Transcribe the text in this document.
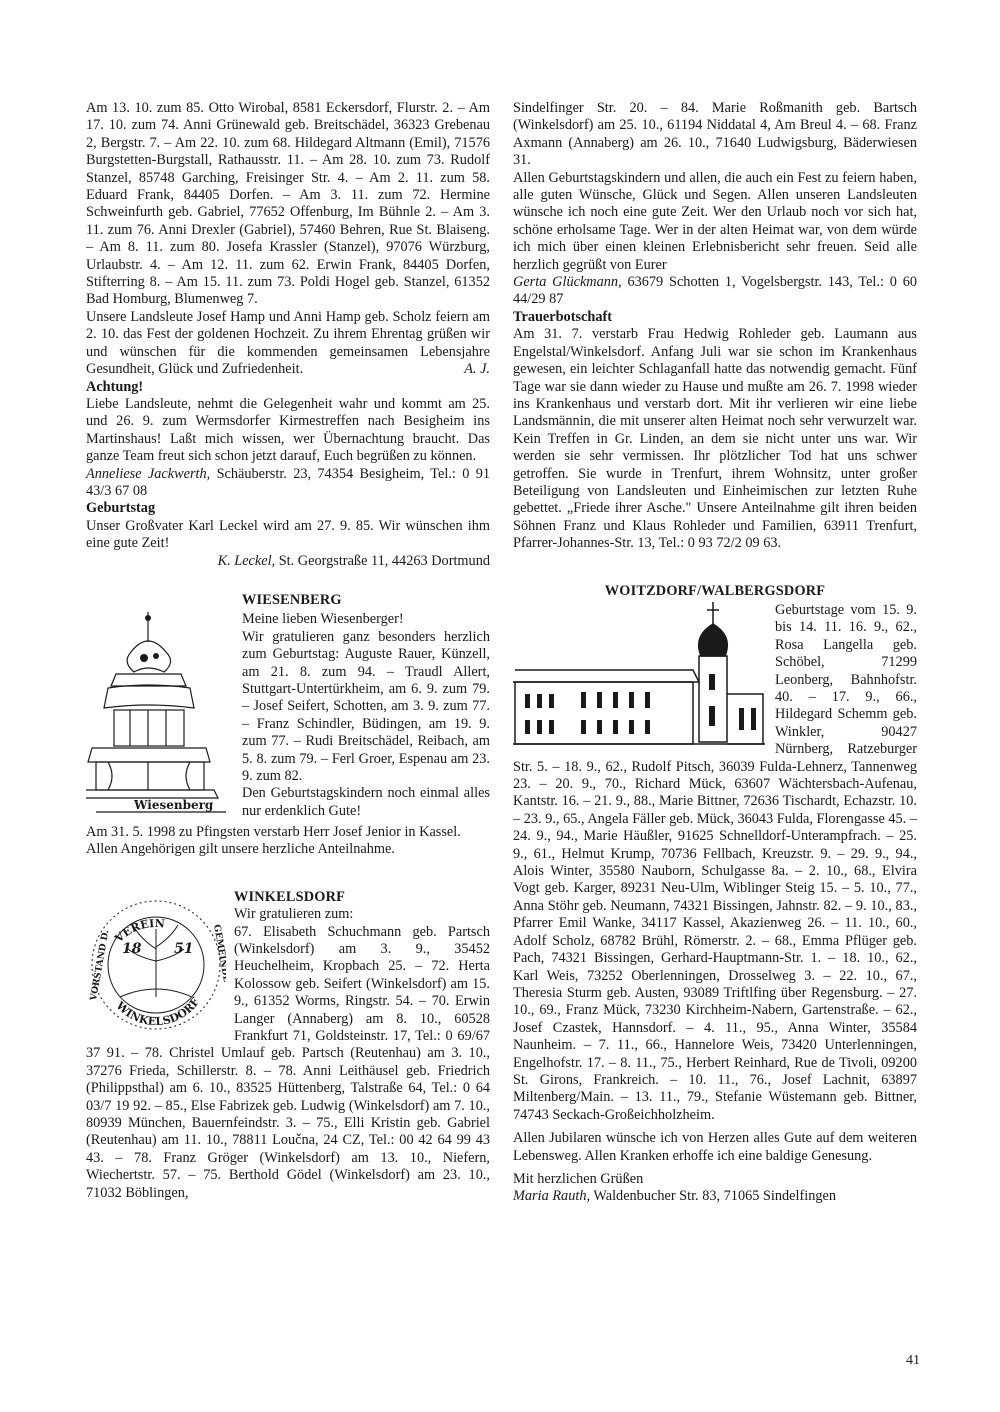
Am 13. 10. zum 85. Otto Wirobal, 8581 Eckersdorf, Flurstr. 2. – Am 17. 10. zum 74. Anni Grünewald geb. Breitschädel, 36323 Grebenau 2, Bergstr. 7. – Am 22. 10. zum 68. Hildegard Altmann (Emil), 71576 Burgstetten-Burgstall, Rathausstr. 11. – Am 28. 10. zum 73. Rudolf Stanzel, 85748 Garching, Freisinger Str. 4. – Am 2. 11. zum 58. Eduard Frank, 84405 Dorfen. – Am 3. 11. zum 72. Hermine Schweinfurth geb. Gabriel, 77652 Offenburg, Im Bühnle 2. – Am 3. 11. zum 76. Anni Drexler (Gabriel), 57460 Behren, Rue St. Blaiseng. – Am 8. 11. zum 80. Josefa Krassler (Stanzel), 97076 Würzburg, Urlaubstr. 4. – Am 12. 11. zum 62. Erwin Frank, 84405 Dorfen, Stifterring 8. – Am 15. 11. zum 73. Poldi Hogel geb. Stanzel, 61352 Bad Homburg, Blumenweg 7.

Unsere Landsleute Josef Hamp und Anni Hamp geb. Scholz feiern am 2. 10. das Fest der goldenen Hochzeit. Zu ihrem Ehrentag grüßen wir und wünschen für die kommenden gemeinsamen Lebensjahre Gesundheit, Glück und Zufriedenheit.	A. J.

Achtung!

Liebe Landsleute, nehmt die Gelegenheit wahr und kommt am 25. und 26. 9. zum Wermsdorfer Kirmestreffen nach Besigheim ins Martinshaus! Laßt mich wissen, wer Übernachtung braucht. Das ganze Team freut sich schon jetzt darauf, Euch begrüßen zu können.

Anneliese Jackwerth, Schäuberstr. 23, 74354 Besigheim, Tel.: 0 91 43/3 67 08

Geburtstag

Unser Großvater Karl Leckel wird am 27. 9. 85. Wir wünschen ihm eine gute Zeit!

K. Leckel, St. Georgstraße 11, 44263 Dortmund

Wiesenberg

WIESENBERG

Meine lieben Wiesenberger!

Wir gratulieren ganz besonders herzlich zum Geburtstag: Auguste Rauer, Künzell, am 21. 8. zum 94. – Traudl Allert, Stuttgart-Untertürkheim, am 6. 9. zum 79. – Josef Seifert, Schotten, am 3. 9. zum 77. – Franz Schindler, Büdingen, am 19. 9. zum 77. – Rudi Breitschädel, Reibach, am 5. 8. zum 79. – Ferl Groer, Espenau am 23. 9. zum 82.

Den Geburtstagskindern noch einmal alles nur erdenklich Gute!

Am 31. 5. 1998 zu Pfingsten verstarb Herr Josef Jenior in Kassel.

Allen Angehörigen gilt unsere herzliche Anteilnahme.

VEREIN
WINKELSDORF
18 51
VORSTAND D.	GEMEINDE

WINKELSDORF

Wir gratulieren zum:

67. Elisabeth Schuchmann geb. Partsch (Winkelsdorf) am 3. 9., 35452 Heuchelheim, Kropbach 25. – 72. Herta Kolossow geb. Seifert (Winkelsdorf) am 15. 9., 61352 Worms, Ringstr. 54. – 70. Erwin Langer (Annaberg) am 8. 10., 60528 Frankfurt 71, Goldsteinstr. 17, Tel.: 0 69/67 37 91. – 78. Christel Umlauf geb. Partsch (Reutenhau) am 3. 10., 37276 Frieda, Schillerstr. 8. – 78. Anni Leithäusel geb. Friedrich (Philippsthal) am 6. 10., 83525 Hüttenberg, Talstraße 64, Tel.: 0 64 03/7 19 92. – 85., Else Fabrizek geb. Ludwig (Winkelsdorf) am 7. 10., 80939 München, Bauernfeindstr. 3. – 75., Elli Kristin geb. Gabriel (Reutenhau) am 11. 10., 78811 Loučna, 24 CZ, Tel.: 00 42 64 99 43 43. – 78. Franz Gröger (Winkelsdorf) am 13. 10., Niefern, Wiechertstr. 57. – 75. Berthold Gödel (Winkelsdorf) am 23. 10., 71032 Böblingen,

Sindelfinger Str. 20. – 84. Marie Roßmanith geb. Bartsch (Winkelsdorf) am 25. 10., 61194 Niddatal 4, Am Breul 4. – 68. Franz Axmann (Annaberg) am 26. 10., 71640 Ludwigsburg, Bäderwiesen 31.

Allen Geburtstagskindern und allen, die auch ein Fest zu feiern haben, alle guten Wünsche, Glück und Segen. Allen unseren Landsleuten wünsche ich noch eine gute Zeit. Wer den Urlaub noch vor sich hat, schöne erholsame Tage. Wer in der alten Heimat war, von dem würde ich mich über einen kleinen Erlebnisbericht sehr freuen. Seid alle herzlich gegrüßt von Eurer

Gerta Glückmann, 63679 Schotten 1, Vogelsbergstr. 143, Tel.: 0 60 44/29 87

Trauerbotschaft

Am 31. 7. verstarb Frau Hedwig Rohleder geb. Laumann aus Engelstal/Winkelsdorf. Anfang Juli war sie schon im Krankenhaus gewesen, ein leichter Schlaganfall hatte das notwendig gemacht. Fünf Tage war sie dann wieder zu Hause und mußte am 26. 7. 1998 wieder ins Krankenhaus und verstarb dort. Mit ihr verlieren wir eine liebe Landsmännin, die mit unserer alten Heimat noch sehr verwurzelt war. Kein Treffen in Gr. Linden, an dem sie nicht unter uns war. Wir werden sie sehr vermissen. Ihr plötzlicher Tod hat uns schwer getroffen. Sie wurde in Trenfurt, ihrem Wohnsitz, unter großer Beteiligung von Landsleuten und Einheimischen zur letzten Ruhe gebettet. „Friede ihrer Asche." Unsere Anteilnahme gilt ihren beiden Söhnen Franz und Klaus Rohleder und Familien, 63911 Trenfurt, Pfarrer-Johannes-Str. 13, Tel.: 0 93 72/2 09 63.

WOITZDORF/WALBERGSDORF

Geburtstage vom 15. 9. bis 14. 11. 16. 9., 62., Rosa Langella geb. Schöbel, 71299 Leonberg, Bahnhofstr. 40. – 17. 9., 66., Hildegard Schemm geb. Winkler, 90427 Nürnberg, Ratzeburger Str. 5. – 18. 9., 62., Rudolf Pitsch, 36039 Fulda-Lehnerz, Tannenweg 23. – 20. 9., 70., Richard Mück, 63607 Wächtersbach-Aufenau, Kantstr. 16. – 21. 9., 88., Marie Bittner, 72636 Tischardt, Echazstr. 10. – 23. 9., 65., Angela Fäller geb. Mück, 36043 Fulda, Florengasse 45. – 24. 9., 94., Marie Häußler, 91625 Schnelldorf-Unterampfrach. – 25. 9., 61., Helmut Krump, 70736 Fellbach, Kreuzstr. 9. – 29. 9., 94., Alois Winter, 35580 Nauborn, Schulgasse 8a. – 2. 10., 68., Elvira Vogt geb. Karger, 89231 Neu-Ulm, Wiblinger Steig 15. – 5. 10., 77., Anna Stöhr geb. Neumann, 74321 Bissingen, Jahnstr. 82. – 9. 10., 83., Pfarrer Emil Wanke, 34117 Kassel, Akazienweg 26. – 11. 10., 60., Adolf Scholz, 68782 Brühl, Römerstr. 2. – 68., Emma Pflüger geb. Pach, 74321 Bissingen, Gerhard-Hauptmann-Str. 1. – 18. 10., 62., Karl Weis, 73252 Oberlenningen, Drosselweg 3. – 22. 10., 67., Theresia Sturm geb. Austen, 93089 Triftlfing über Regensburg. – 27. 10., 69., Franz Mück, 73230 Kirchheim-Nabern, Gartenstraße. – 62., Josef Czastek, Hannsdorf. – 4. 11., 95., Anna Winter, 35584 Naunheim. – 7. 11., 66., Hannelore Weis, 73420 Unterlenningen, Engelhofstr. 17. – 8. 11., 75., Herbert Reinhard, Rue de Tivoli, 09200 St. Girons, Frankreich. – 10. 11., 76., Josef Lachnit, 63897 Miltenberg/Main. – 13. 11., 79., Stefanie Wüstemann geb. Bittner, 74743 Seckach-Großeichholzheim.

Allen Jubilaren wünsche ich von Herzen alles Gute auf dem weiteren Lebensweg. Allen Kranken erhoffe ich eine baldige Genesung.

Mit herzlichen Grüßen

Maria Rauth, Waldenbucher Str. 83, 71065 Sindelfingen

41
